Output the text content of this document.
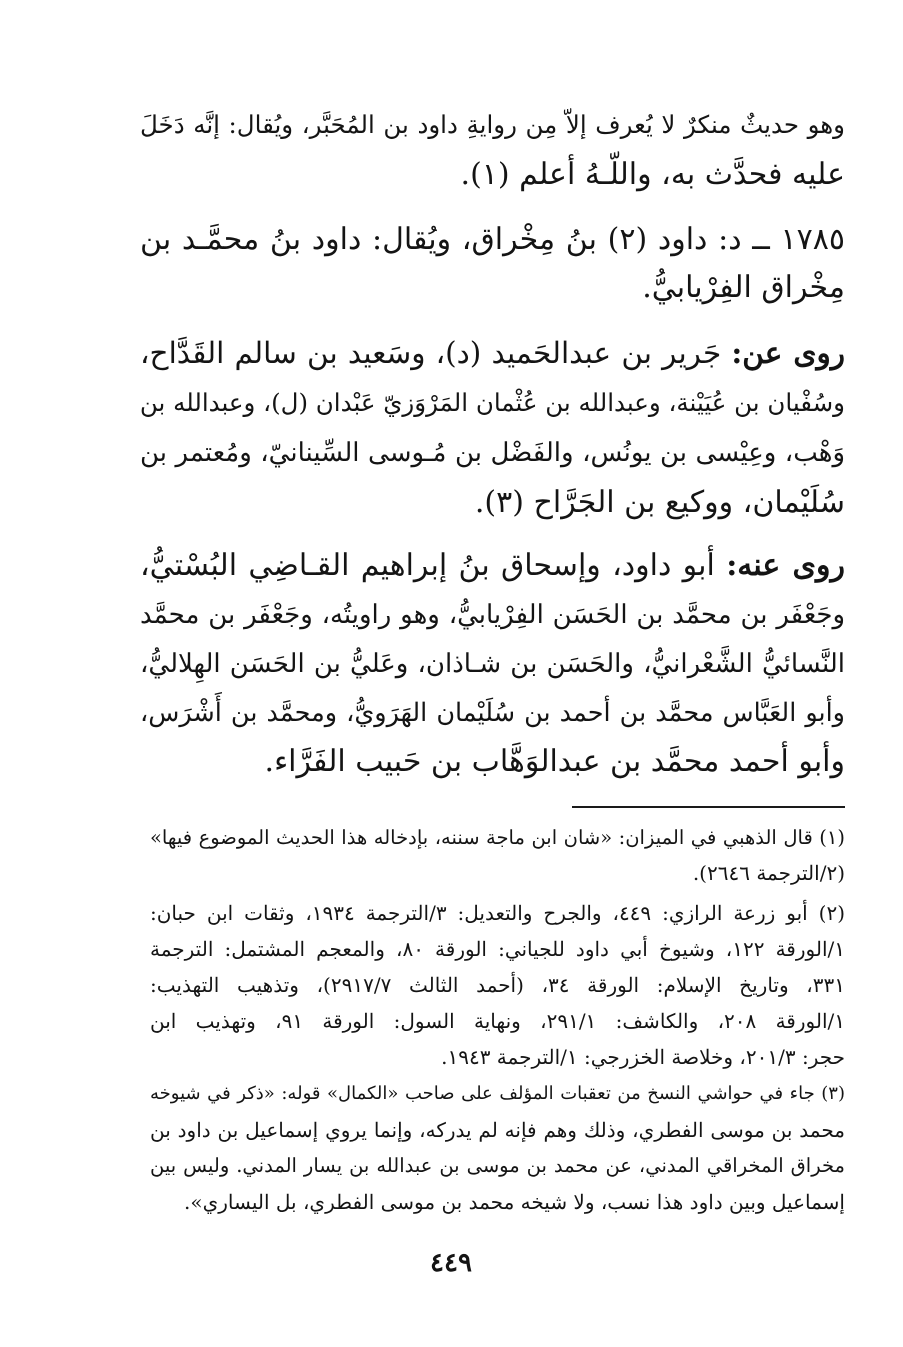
وهو حديثٌ منكرٌ لا يُعرف إلاّ مِن روايةِ داود بن المُحَبَّر، ويُقال: إنَّه دَخَلَ
عليه فحدَّث به، واللّـهُ أعلم (١).
١٧٨٥ ــ د: داود (٢) بنُ مِخْراق، ويُقال: داود بنُ محمَّـد بن
مِخْراق الفِرْيابيُّ.
روى عن: جَرير بن عبدالحَميد (د)، وسَعيد بن سالم القَدَّاح،
وسُفْيان بن عُيَيْنة، وعبدالله بن عُثْمان المَرْوَزيّ عَبْدان (ل)، وعبدالله بن
وَهْب، وعِيْسى بن يونُس، والفَضْل بن مُـوسى السِّينانيّ، ومُعتمر بن
سُلَيْمان، ووكيع بن الجَرَّاح (٣).
روى عنه: أبو داود، وإسحاق بنُ إبراهيم القـاضِي البُسْتيُّ،
وجَعْفَر بن محمَّد بن الحَسَن الفِرْيابيُّ، وهو راويتُه، وجَعْفَر بن محمَّد
النَّسائيُّ الشَّعْرانيُّ، والحَسَن بن شـاذان، وعَليُّ بن الحَسَن الهِلاليُّ،
وأبو العَبَّاس محمَّد بن أحمد بن سُلَيْمان الهَرَويُّ، ومحمَّد بن أَشْرَس،
وأبو أحمد محمَّد بن عبدالوَهَّاب بن حَبيب الفَرَّاء.
(١) قال الذهبي في الميزان: «شان ابن ماجة سننه، بإدخاله هذا الحديث الموضوع فيها»
(٢/الترجمة ٢٦٤٦).
(٢) أبو زرعة الرازي: ٤٤٩، والجرح والتعديل: ٣/الترجمة ١٩٣٤، وثقات ابن حبان:
١/الورقة ١٢٢، وشيوخ أبي داود للجياني: الورقة ٨٠، والمعجم المشتمل: الترجمة
٣٣١، وتاريخ الإسلام: الورقة ٣٤، (أحمد الثالث ٢٩١٧/٧)، وتذهيب التهذيب:
١/الورقة ٢٠٨، والكاشف: ٢٩١/١، ونهاية السول: الورقة ٩١، وتهذيب ابن
حجر: ٢٠١/٣، وخلاصة الخزرجي: ١/الترجمة ١٩٤٣.
(٣) جاء في حواشي النسخ من تعقبات المؤلف على صاحب «الكمال» قوله: «ذكر في شيوخه
محمد بن موسى الفطري، وذلك وهم فإنه لم يدركه، وإنما يروي إسماعيل بن داود بن
مخراق المخراقي المدني، عن محمد بن موسى بن عبدالله بن يسار المدني. وليس بين
إسماعيل وبين داود هذا نسب، ولا شيخه محمد بن موسى الفطري، بل اليساري».
٤٤٩
